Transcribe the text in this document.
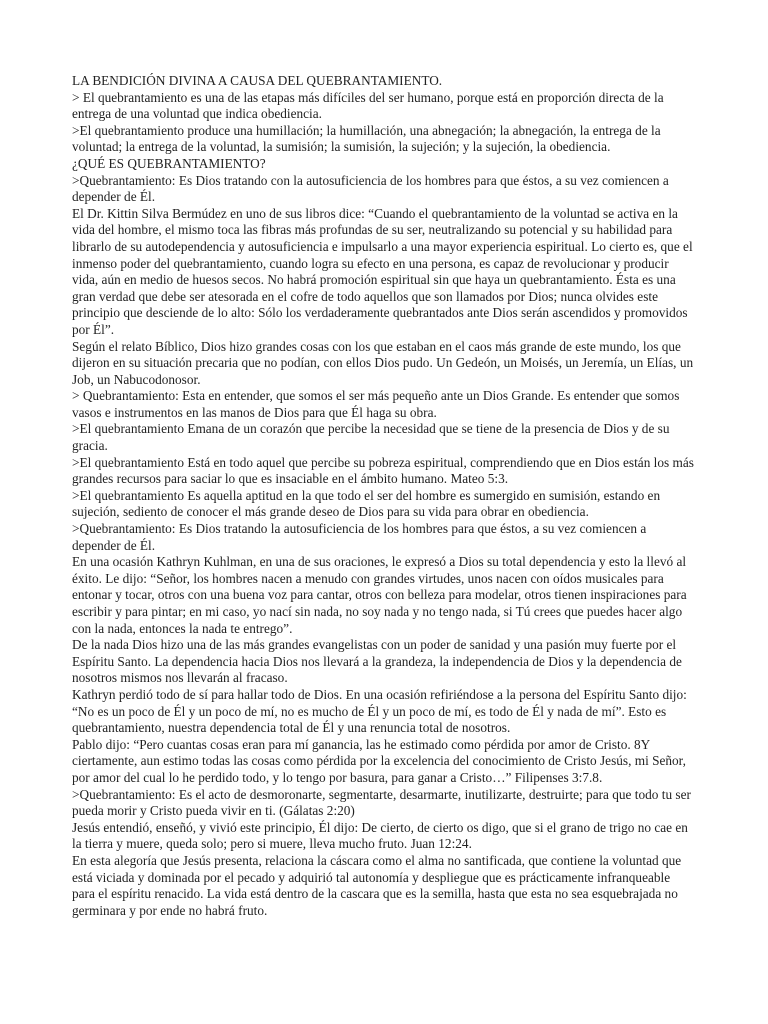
LA BENDICIÓN DIVINA A CAUSA DEL QUEBRANTAMIENTO.

> El quebrantamiento es una de las etapas más difíciles del ser humano, porque está en proporción directa de la entrega de una voluntad que indica obediencia.

>El quebrantamiento produce una humillación; la humillación, una abnegación; la abnegación, la entrega de la voluntad; la entrega de la voluntad, la sumisión; la sumisión, la sujeción; y la sujeción, la obediencia.

¿QUÉ ES QUEBRANTAMIENTO?

>Quebrantamiento: Es Dios tratando con la autosuficiencia de los hombres para que éstos, a su vez comiencen a depender de Él.

El Dr. Kittin Silva Bermúdez en uno de sus libros dice: “Cuando el quebrantamiento de la voluntad se activa en la vida del hombre, el mismo toca las fibras más profundas de su ser, neutralizando su potencial y su habilidad para librarlo de su autodependencia y autosuficiencia e impulsarlo a una mayor experiencia espiritual. Lo cierto es, que el inmenso poder del quebrantamiento, cuando logra su efecto en una persona, es capaz de revolucionar y producir vida, aún en medio de huesos secos. No habrá promoción espiritual sin que haya un quebrantamiento. Ésta es una gran verdad que debe ser atesorada en el cofre de todo aquellos que son llamados por Dios; nunca olvides este principio que desciende de lo alto: Sólo los verdaderamente quebrantados ante Dios serán ascendidos y promovidos por Él”.

Según el relato Bíblico, Dios hizo grandes cosas con los que estaban en el caos más grande de este mundo, los que dijeron en su situación precaria que no podían, con ellos Dios pudo. Un Gedeón, un Moisés, un Jeremía, un Elías, un Job, un Nabucodonosor.

> Quebrantamiento: Esta en entender, que somos el ser más pequeño ante un Dios Grande. Es entender que somos vasos e instrumentos en las manos de Dios para que Él haga su obra.

>El quebrantamiento Emana de un corazón que percibe la necesidad que se tiene de la presencia de Dios y de su gracia.

>El quebrantamiento Está en todo aquel que percibe su pobreza espiritual, comprendiendo que en Dios están los más grandes recursos para saciar lo que es insaciable en el ámbito humano. Mateo 5:3.

>El quebrantamiento Es aquella aptitud en la que todo el ser del hombre es sumergido en sumisión, estando en sujeción, sediento de conocer el más grande deseo de Dios para su vida para obrar en obediencia.

>Quebrantamiento: Es Dios tratando la autosuficiencia de los hombres para que éstos, a su vez comiencen a depender de Él.

En una ocasión Kathryn Kuhlman, en una de sus oraciones, le expresó a Dios su total dependencia y esto la llevó al éxito. Le dijo: “Señor, los hombres nacen a menudo con grandes virtudes, unos nacen con oídos musicales para entonar y tocar, otros con una buena voz para cantar, otros con belleza para modelar, otros tienen inspiraciones para escribir y para pintar; en mi caso, yo nací sin nada, no soy nada y no tengo nada, si Tú crees que puedes hacer algo con la nada, entonces la nada te entrego”.

De la nada Dios hizo una de las más grandes evangelistas con un poder de sanidad y una pasión muy fuerte por el Espíritu Santo. La dependencia hacia Dios nos llevará a la grandeza, la independencia de Dios y la dependencia de nosotros mismos nos llevarán al fracaso.

Kathryn perdió todo de sí para hallar todo de Dios. En una ocasión refiriéndose a la persona del Espíritu Santo dijo: “No es un poco de Él y un poco de mí, no es mucho de Él y un poco de mí, es todo de Él y nada de mí”. Esto es quebrantamiento, nuestra dependencia total de Él y una renuncia total de nosotros.

Pablo dijo: “Pero cuantas cosas eran para mí ganancia, las he estimado como pérdida por amor de Cristo. 8Y ciertamente, aun estimo todas las cosas como pérdida por la excelencia del conocimiento de Cristo Jesús, mi Señor, por amor del cual lo he perdido todo, y lo tengo por basura, para ganar a Cristo…” Filipenses 3:7.8.

>Quebrantamiento: Es el acto de desmoronarte, segmentarte, desarmarte, inutilizarte, destruirte; para que todo tu ser pueda morir y Cristo pueda vivir en ti. (Gálatas 2:20)

Jesús entendió, enseñó, y vivió este principio, Él dijo: De cierto, de cierto os digo, que si el grano de trigo no cae en la tierra y muere, queda solo; pero si muere, lleva mucho fruto. Juan 12:24.

En esta alegoría que Jesús presenta, relaciona la cáscara como el alma no santificada, que contiene la voluntad que está viciada y dominada por el pecado y adquirió tal autonomía y despliegue que es prácticamente infranqueable para el espíritu renacido. La vida está dentro de la cascara que es la semilla, hasta que esta no sea esquebrajada no germinara y por ende no habrá fruto.
